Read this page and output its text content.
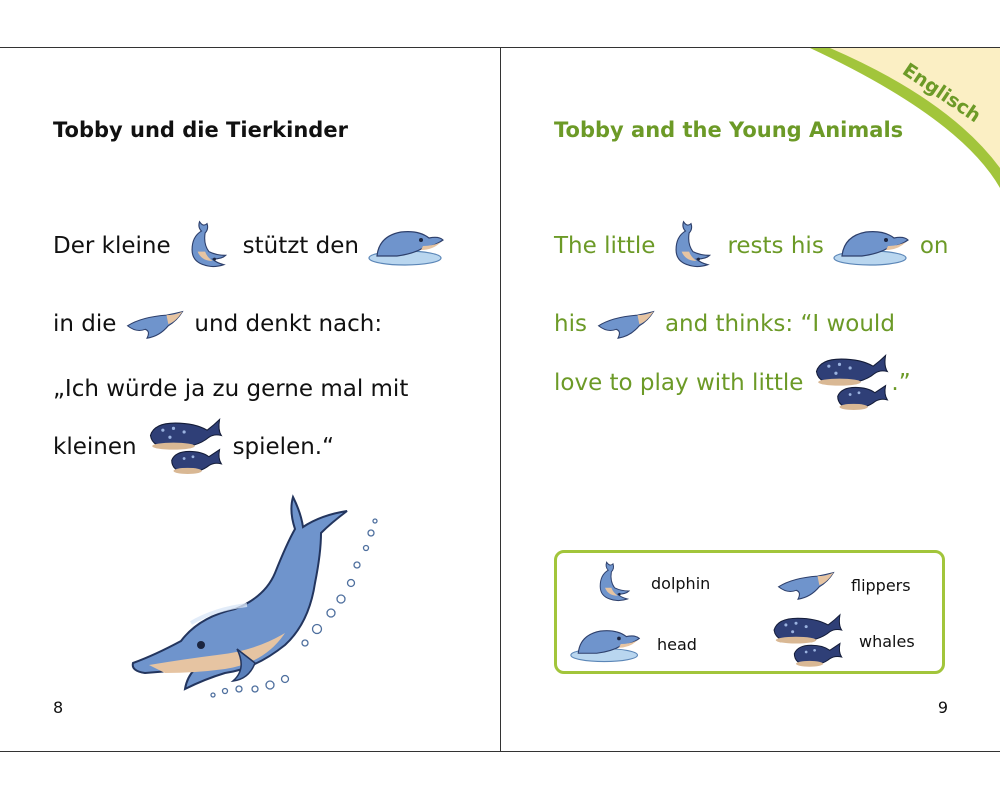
Tobby und die Tierkinder
Der kleine	stützt den
in die	und denkt nach:
„Ich würde ja zu gerne mal mit
kleinen	spielen.“
8
Englisch
Tobby and the Young Animals
The little	rests his	on
his	and thinks: “I would
love to play with little	.”
dolphin	flippers
head	whales
9
